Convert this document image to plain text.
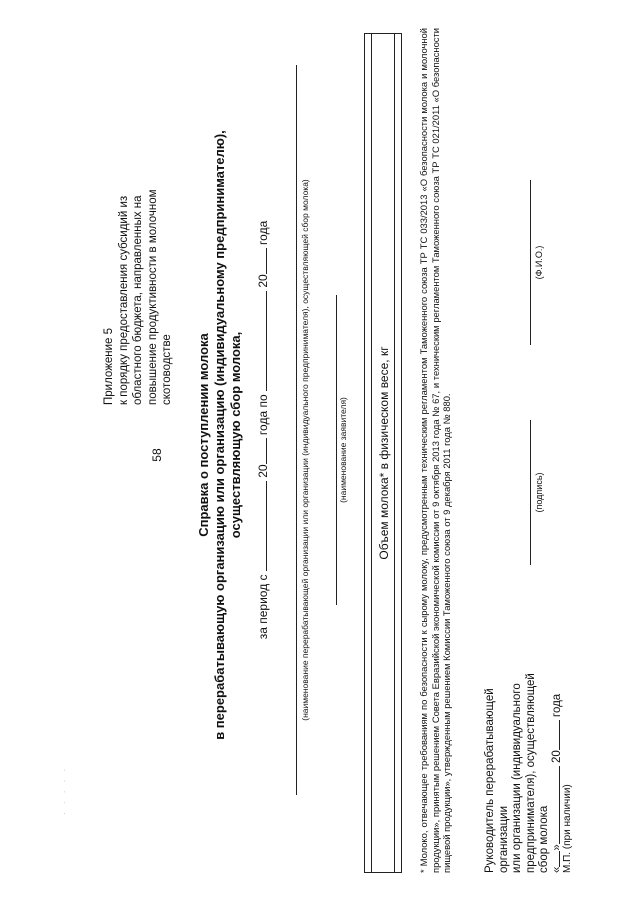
58
Приложение 5 к порядку предоставления субсидий из областного бюджета, направленных на повышение продуктивности в молочном скотоводстве Справка о поступлении молока в перерабатывающую организацию или организацию (индивидуальному предпринимателю), осуществляющую сбор молока,
за период с  20 года по  20 года	(наименование перерабатывающей организации или организации (индивидуального предпринимателя), осуществляющей сбор молока)	(наименование заявителя)	Объем молока* в физическом весе, кг	* Молоко, отвечающее требованиям по безопасности к сырому молоку, предусмотренным техническим регламентом Таможенного союза ТР ТС 033/2013 «О безопасности молока и молочной продукции», принятым решением Совета Евразийской экономической комиссии от 9 октября 2013 года № 67, и техническим регламентом Таможенного союза ТР ТС 021/2011 «О безопасности пищевой продукции», утвержденным решением Комиссии Таможенного союза от 9 декабря 2011 года № 880.	Руководитель перерабатывающей организации или организации (индивидуального предпринимателя), осуществляющей сбор молока
(подпись)
(Ф.И.О.)
«» 20 года
М.П. (при наличии)
· · · · ·
